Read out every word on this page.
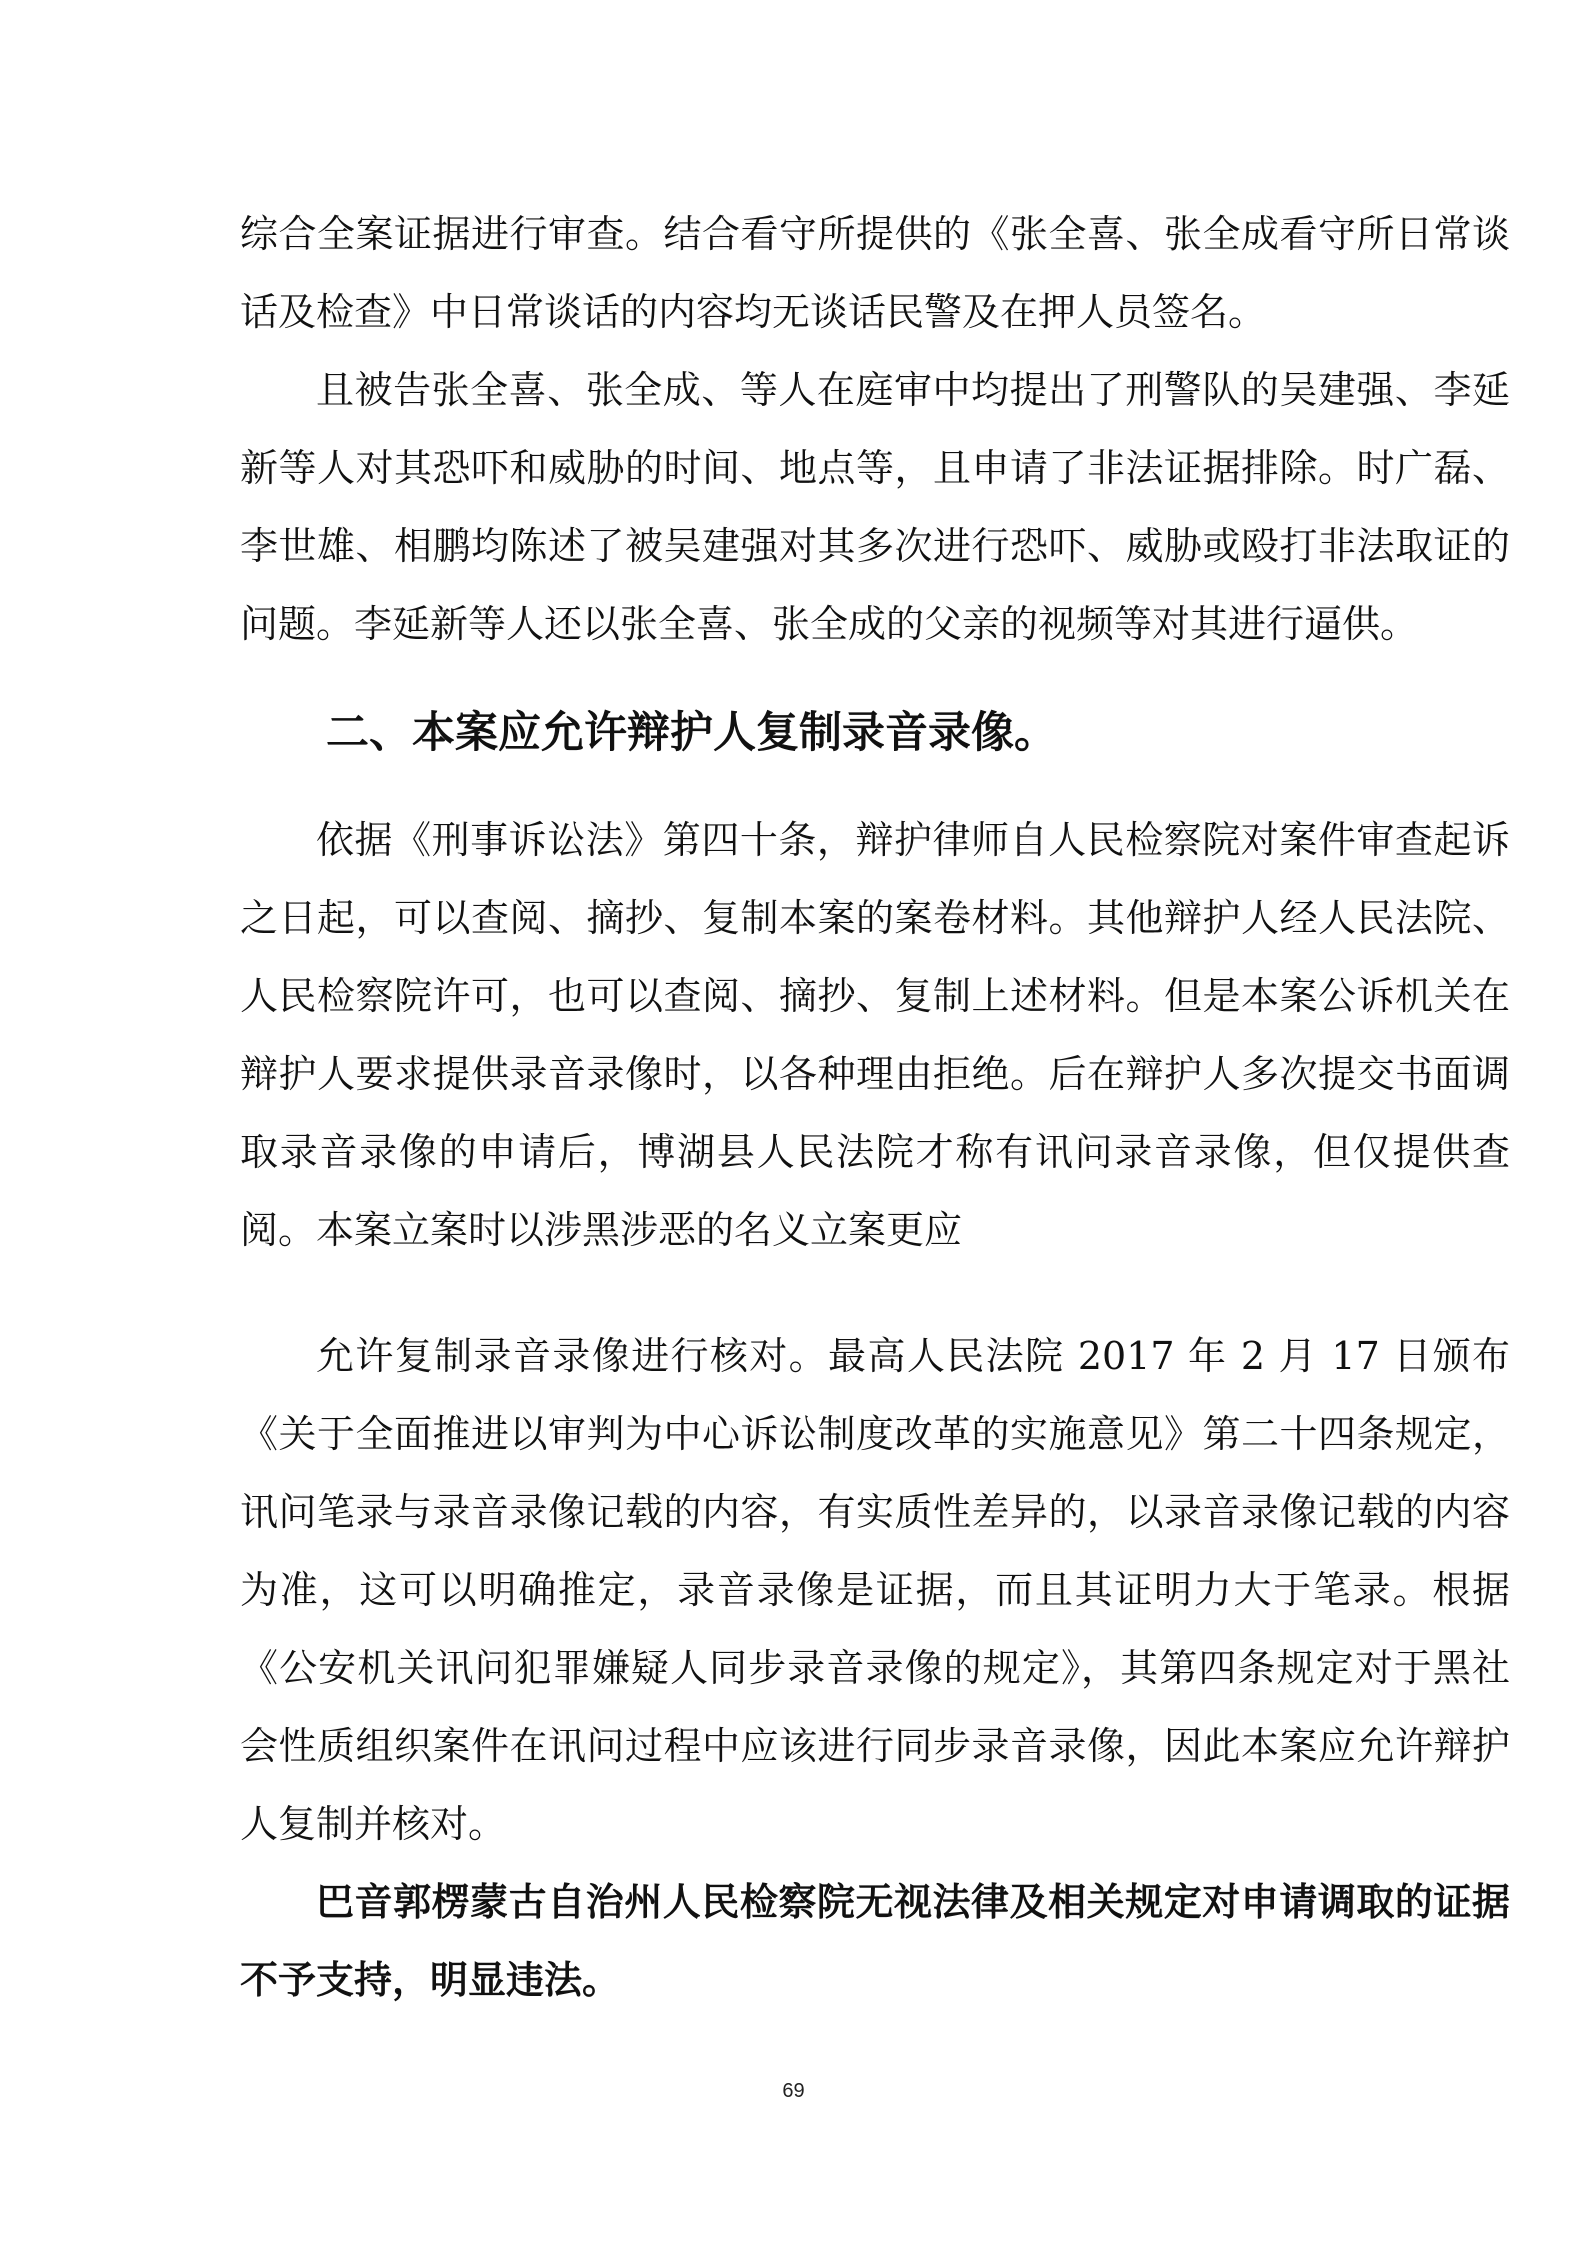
综合全案证据进行审查。结合看守所提供的《张全喜、张全成看守所日常谈话及检查》中日常谈话的内容均无谈话民警及在押人员签名。

且被告张全喜、张全成、等人在庭审中均提出了刑警队的吴建强、李延新等人对其恐吓和威胁的时间、地点等，且申请了非法证据排除。时广磊、李世雄、相鹏均陈述了被吴建强对其多次进行恐吓、威胁或殴打非法取证的问题。李延新等人还以张全喜、张全成的父亲的视频等对其进行逼供。

二、本案应允许辩护人复制录音录像。

依据《刑事诉讼法》第四十条，辩护律师自人民检察院对案件审查起诉之日起，可以查阅、摘抄、复制本案的案卷材料。其他辩护人经人民法院、人民检察院许可，也可以查阅、摘抄、复制上述材料。但是本案公诉机关在辩护人要求提供录音录像时，以各种理由拒绝。后在辩护人多次提交书面调取录音录像的申请后，博湖县人民法院才称有讯问录音录像，但仅提供查阅。本案立案时以涉黑涉恶的名义立案更应

允许复制录音录像进行核对。最高人民法院 2017 年 2 月 17 日颁布《关于全面推进以审判为中心诉讼制度改革的实施意见》第二十四条规定，讯问笔录与录音录像记载的内容，有实质性差异的，以录音录像记载的内容为准，这可以明确推定，录音录像是证据，而且其证明力大于笔录。根据《公安机关讯问犯罪嫌疑人同步录音录像的规定》，其第四条规定对于黑社会性质组织案件在讯问过程中应该进行同步录音录像，因此本案应允许辩护人复制并核对。

巴音郭楞蒙古自治州人民检察院无视法律及相关规定对申请调取的证据不予支持，明显违法。

69
